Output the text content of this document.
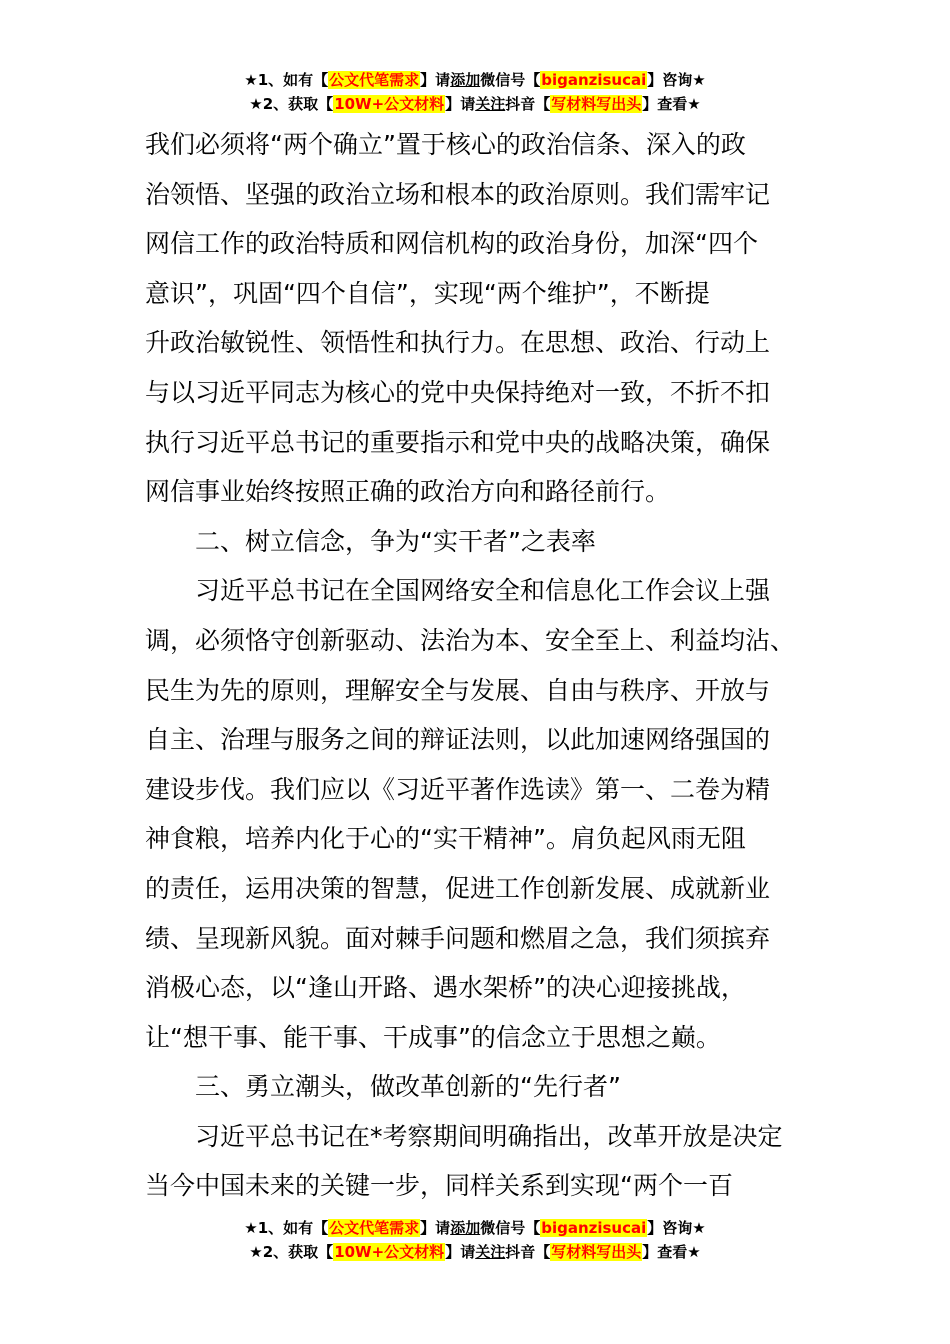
★1、如有【公文代笔需求】请添加微信号【biganzisucai】咨询★
★2、获取【10W+公文材料】请关注抖音【写材料写出头】查看★

我们必须将“两个确立”置于核心的政治信条、深入的政

治领悟、坚强的政治立场和根本的政治原则。我们需牢记

网信工作的政治特质和网信机构的政治身份，加深“四个

意识”，巩固“四个自信”，实现“两个维护”，不断提

升政治敏锐性、领悟性和执行力。在思想、政治、行动上

与以习近平同志为核心的党中央保持绝对一致，不折不扣

执行习近平总书记的重要指示和党中央的战略决策，确保

网信事业始终按照正确的政治方向和路径前行。

二、树立信念，争为“实干者”之表率

习近平总书记在全国网络安全和信息化工作会议上强

调，必须恪守创新驱动、法治为本、安全至上、利益均沾、

民生为先的原则，理解安全与发展、自由与秩序、开放与

自主、治理与服务之间的辩证法则，以此加速网络强国的

建设步伐。我们应以《习近平著作选读》第一、二卷为精

神食粮，培养内化于心的“实干精神”。肩负起风雨无阻

的责任，运用决策的智慧，促进工作创新发展、成就新业

绩、呈现新风貌。面对棘手问题和燃眉之急，我们须摈弃

消极心态，以“逢山开路、遇水架桥”的决心迎接挑战，

让“想干事、能干事、干成事”的信念立于思想之巅。

三、勇立潮头，做改革创新的“先行者”

习近平总书记在*考察期间明确指出，改革开放是决定

当今中国未来的关键一步，同样关系到实现“两个一百

★1、如有【公文代笔需求】请添加微信号【biganzisucai】咨询★
★2、获取【10W+公文材料】请关注抖音【写材料写出头】查看★
